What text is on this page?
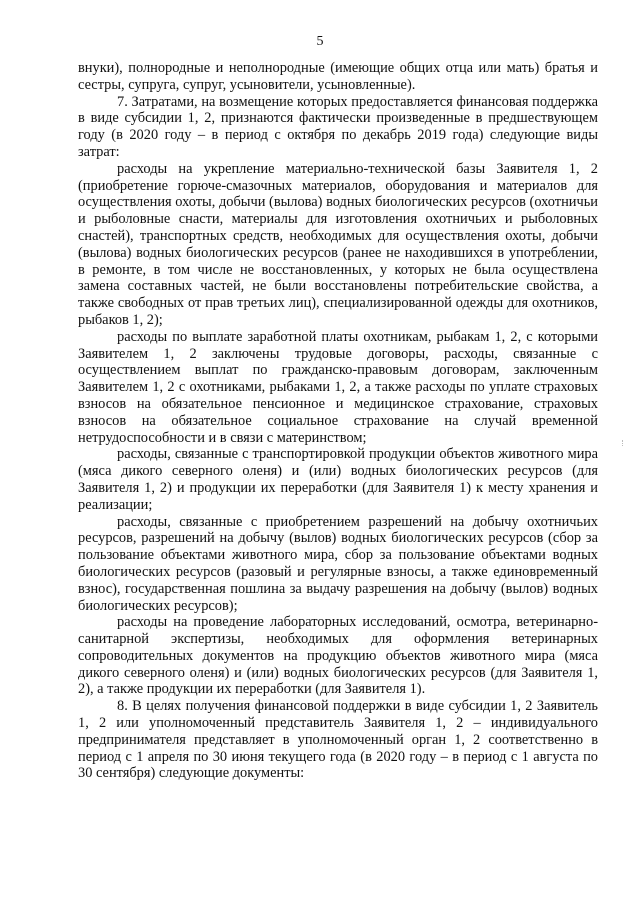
5

внуки), полнородные и неполнородные (имеющие общих отца или мать) братья и сестры, супруга, супруг, усыновители, усыновленные).

7. Затратами, на возмещение которых предоставляется финансовая поддержка в виде субсидии 1, 2, признаются фактически произведенные в предшествующем году (в 2020 году – в период с октября по декабрь 2019 года) следующие виды затрат:

расходы на укрепление материально-технической базы Заявителя 1, 2 (приобретение горюче-смазочных материалов, оборудования и материалов для осуществления охоты, добычи (вылова) водных биологических ресурсов (охотничьи и рыболовные снасти, материалы для изготовления охотничьих и рыболовных снастей), транспортных средств, необходимых для осуществления охоты, добычи (вылова) водных биологических ресурсов (ранее не находившихся в употреблении, в ремонте, в том числе не восстановленных, у которых не была осуществлена замена составных частей, не были восстановлены потребительские свойства, а также свободных от прав третьих лиц), специализированной одежды для охотников, рыбаков 1, 2);

расходы по выплате заработной платы охотникам, рыбакам 1, 2, с которыми Заявителем 1, 2 заключены трудовые договоры, расходы, связанные с осуществлением выплат по гражданско-правовым договорам, заключенным Заявителем 1, 2 с охотниками, рыбаками 1, 2, а также расходы по уплате страховых взносов на обязательное пенсионное и медицинское страхование, страховых взносов на обязательное социальное страхование на случай временной нетрудоспособности и в связи с материнством;

расходы, связанные с транспортировкой продукции объектов животного мира (мяса дикого северного оленя) и (или) водных биологических ресурсов (для Заявителя 1, 2) и продукции их переработки (для Заявителя 1) к месту хранения и реализации;

расходы, связанные с приобретением разрешений на добычу охотничьих ресурсов, разрешений на добычу (вылов) водных биологических ресурсов (сбор за пользование объектами животного мира, сбор за пользование объектами водных биологических ресурсов (разовый и регулярные взносы, а также единовременный взнос), государственная пошлина за выдачу разрешения на добычу (вылов) водных биологических ресурсов);

расходы на проведение лабораторных исследований, осмотра, ветеринарно-санитарной экспертизы, необходимых для оформления ветеринарных сопроводительных документов на продукцию объектов животного мира (мяса дикого северного оленя) и (или) водных биологических ресурсов (для Заявителя 1, 2), а также продукции их переработки (для Заявителя 1).

8. В целях получения финансовой поддержки в виде субсидии 1, 2 Заявитель 1, 2 или уполномоченный представитель Заявителя 1, 2 – индивидуального предпринимателя представляет в уполномоченный орган 1, 2 соответственно в период с 1 апреля по 30 июня текущего года (в 2020 году – в период с 1 августа по 30 сентября) следующие документы:
